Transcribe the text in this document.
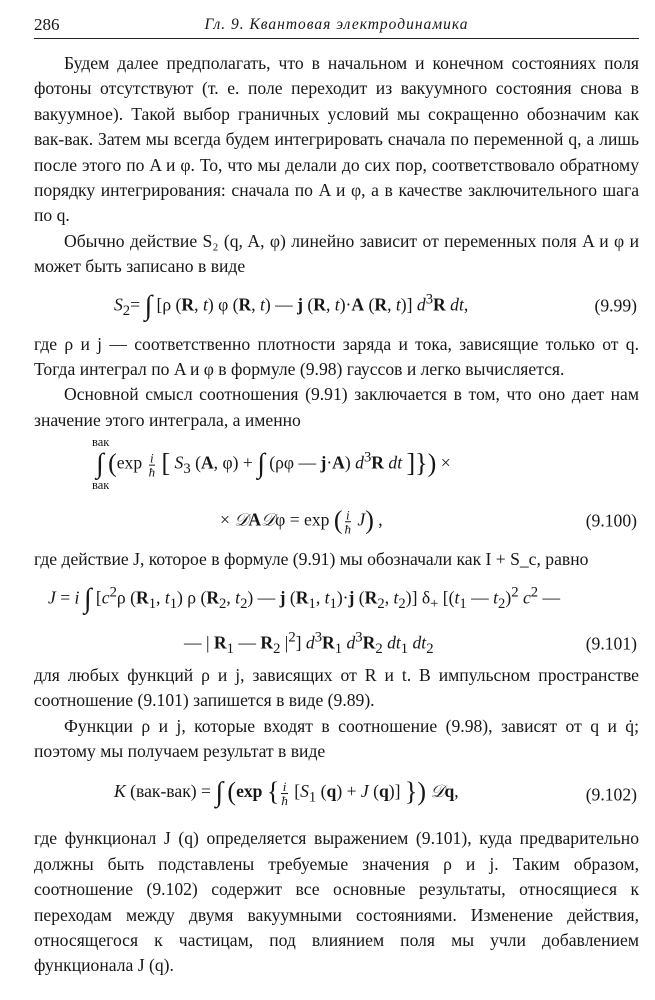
286	Гл. 9. Квантовая электродинамика

Будем далее предполагать, что в начальном и конечном состояниях поля фотоны отсутствуют (т. е. поле переходит из вакуумного состояния снова в вакуумное). Такой выбор граничных условий мы сокращенно обозначим как вак-вак. Затем мы всегда будем интегрировать сначала по переменной q, а лишь после этого по A и φ. То, что мы делали до сих пор, соответствовало обратному порядку интегрирования: сначала по A и φ, а в качестве заключительного шага по q.

Обычно действие S₂ (q, A, φ) линейно зависит от переменных поля A и φ и может быть записано в виде

$S_2=$ ∫ [ρ (R, t) φ (R, t) — j (R, t)·A (R, t)] $d^3R$ dt,	(9.99)

где ρ и j — соответственно плотности заряда и тока, зависящие только от q. Тогда интеграл по A и φ в формуле (9.98) гауссов и легко вычисляется.

Основной смысл соотношения (9.91) заключается в том, что оно дает нам значение этого интеграла, а именно

вак
вак
∫ ($\exp \frac{i}{ħ}$ [ $S_3$ (A, φ) + ∫ (ρφ — j·A) $d^3R$ dt ]}) ×
× 𝒟A𝒟φ = exp ( $\frac{i}{ħ} J$) ,	(9.100)

где действие J, которое в формуле (9.91) мы обозначали как I + S_c, равно

J = i ∫ [$c^2\rho$ ($R_1$, $t_1$) ρ ($R_2$, $t_2$) — j ($R_1$, $t_1)\cdot j$ ($R_2$, $t_2$)] $\delta_+$ [($t_1$ — $t_2)^2$ $c^2$ —
— | $R_1$ — $R_2$ $|^2$] $d^3R_1$ $d^3R_2$ $dt_1$ $dt_2$	(9.101)

для любых функций ρ и j, зависящих от R и t. В импульсном пространстве соотношение (9.101) запишется в виде (9.89).

Функции ρ и j, которые входят в соотношение (9.98), зависят от q и q̇; поэтому мы получаем результат в виде

K (вак-вак) = ∫ (exp { $\frac{i}{ħ} [S_1$ (q) + J (q)] }) 𝒟q,	(9.102)

где функционал J (q) определяется выражением (9.101), куда предварительно должны быть подставлены требуемые значения ρ и j. Таким образом, соотношение (9.102) содержит все основные результаты, относящиеся к переходам между двумя вакуумными состояниями. Изменение действия, относящегося к частицам, под влиянием поля мы учли добавлением функционала J (q).
